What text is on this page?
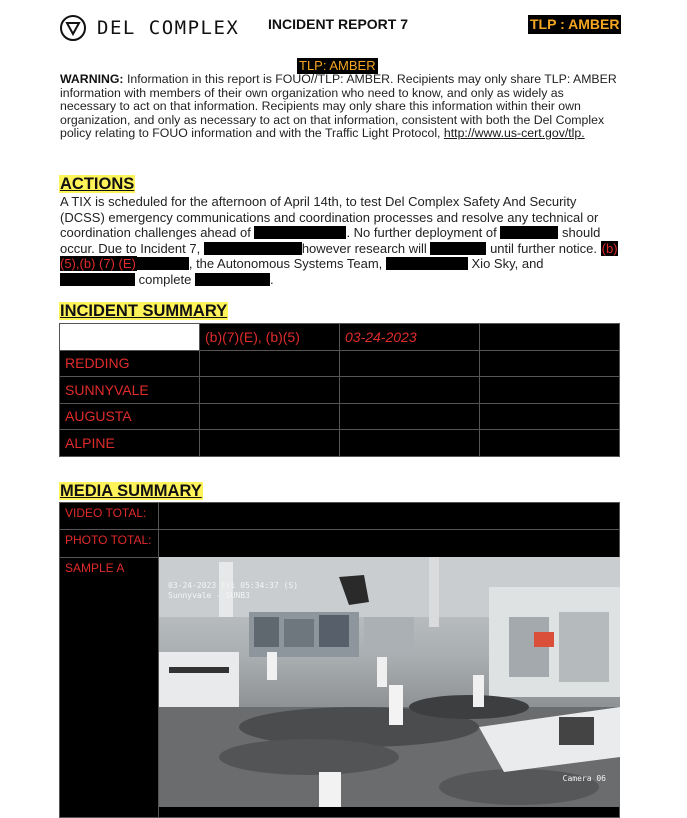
DEL COMPLEX INCIDENT REPORT 7	TLP : AMBER
TLP: AMBER
WARNING: Information in this report is FOUO//TLP: AMBER. Recipients may only share TLP: AMBER information with members of their own organization who need to know, and only as widely as necessary to act on that information. Recipients may only share this information within their own organization, and only as necessary to act on that information, consistent with both the Del Complex policy relating to FOUO information and with the Traffic Light Protocol, http://www.us-cert.gov/tlp.
ACTIONS
A TIX is scheduled for the afternoon of April 14th, to test Del Complex Safety And Security (DCSS) emergency communications and coordination processes and resolve any technical or coordination challenges ahead of	. No further deployment of	should occur. Due to Incident 7,	however research will	until further notice. (b)(5),(b) (7) (E)	, the Autonomous Systems Team,	Xio Sky, and
complete	.
INCIDENT SUMMARY
	(b)(7)(E), (b)(5)	03-24-2023	
REDDING			
SUNNYVALE			
AUGUSTA			
ALPINE			
MEDIA SUMMARY
VIDEO TOTAL:	
PHOTO TOTAL:	
SAMPLE A	
03-24-2023 Fri 05:34:37 (S)
Sunnyvale - SUNB3
Camera 06
